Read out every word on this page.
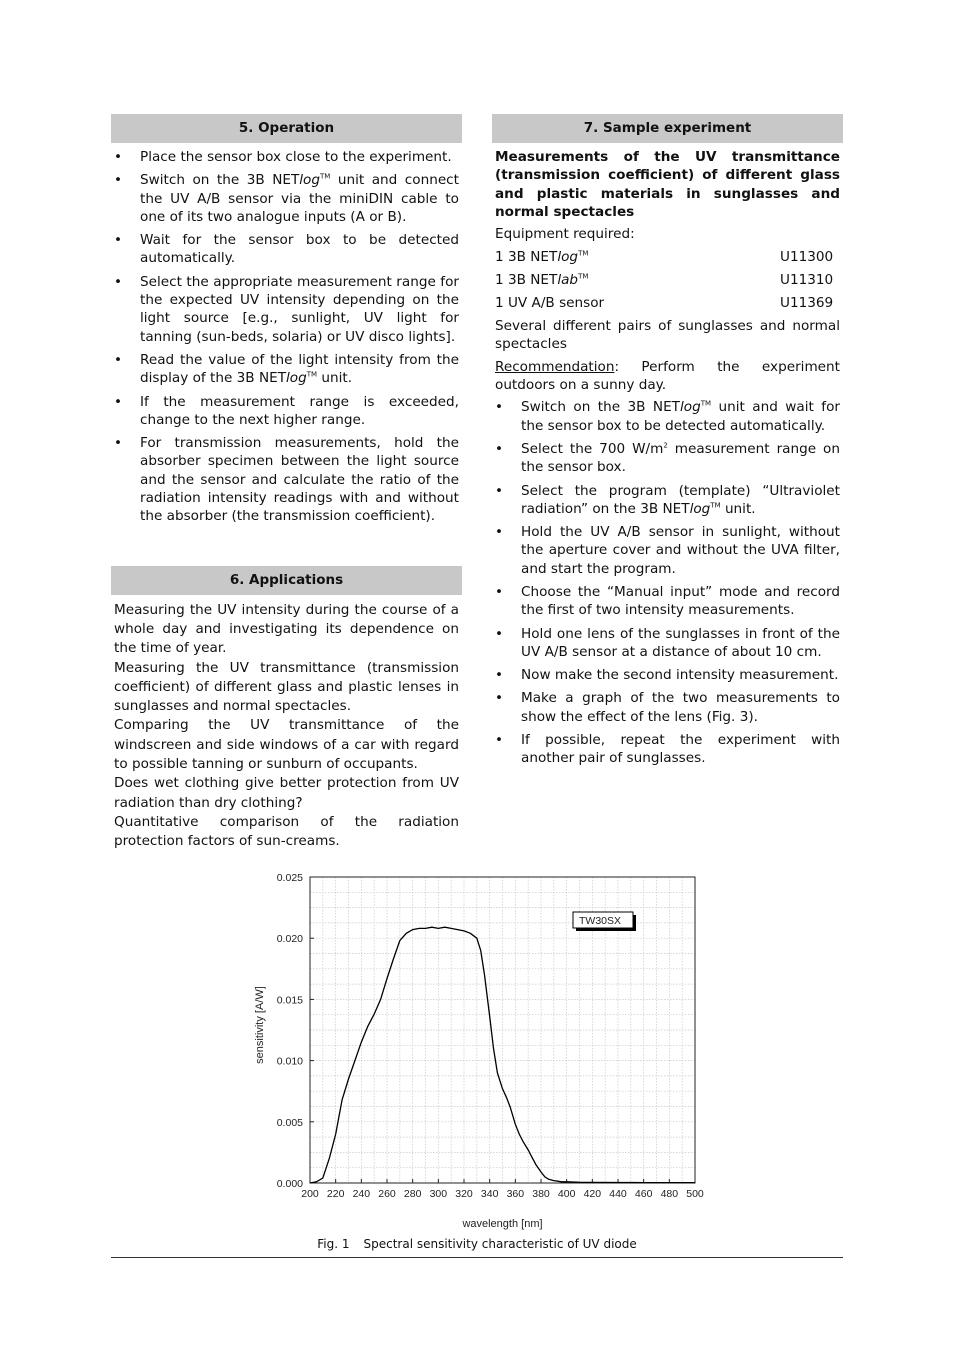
5. Operation
• Place the sensor box close to the experiment.
• Switch on the 3B NETlog™ unit and connect the UV A/B sensor via the miniDIN cable to one of its two analogue inputs (A or B).
• Wait for the sensor box to be detected automatically.
• Select the appropriate measurement range for the expected UV intensity depending on the light source [e.g., sunlight, UV light for tanning (sun-beds, solaria) or UV disco lights].
• Read the value of the light intensity from the display of the 3B NETlog™ unit.
• If the measurement range is exceeded, change to the next higher range.
• For transmission measurements, hold the absorber specimen between the light source and the sensor and calculate the ratio of the radiation intensity readings with and without the absorber (the transmission coefficient).
6. Applications

Measuring the UV intensity during the course of a whole day and investigating its dependence on the time of year.

Measuring the UV transmittance (transmission coefficient) of different glass and plastic lenses in sunglasses and normal spectacles.

Comparing the UV transmittance of the windscreen and side windows of a car with regard to possible tanning or sunburn of occupants.

Does wet clothing give better protection from UV radiation than dry clothing?

Quantitative comparison of the radiation protection factors of sun-creams.

7. Sample experiment

Measurements of the UV transmittance (transmission coefficient) of different glass and plastic materials in sunglasses and normal spectacles

Equipment required:

1 3B NETlog™	U11300
1 3B NETlab™	U11310
1 UV A/B sensor	U11369

Several different pairs of sunglasses and normal spectacles

Recommendation: Perform the experiment outdoors on a sunny day.

• Switch on the 3B NETlog™ unit and wait for the sensor box to be detected automatically.
• Select the 700 $W/m^2$ measurement range on the sensor box.
• Select the program (template) “Ultraviolet radiation” on the 3B NETlog™ unit.
• Hold the UV A/B sensor in sunlight, without the aperture cover and without the UVA filter, and start the program.
• Choose the “Manual input” mode and record the first of two intensity measurements.
• Hold one lens of the sunglasses in front of the UV A/B sensor at a distance of about 10 cm.
• Now make the second intensity measurement.
• Make a graph of the two measurements to show the effect of the lens (Fig. 3).
• If possible, repeat the experiment with another pair of sunglasses.
200 220 240 260 280 300 320 340 360 380 400 420 440 460 480 500
0.000
0.005
0.010
0.015
0.020
0.025
TW30SX
wavelength [nm]
sensitivity [A/W]
Fig. 1 Spectral sensitivity characteristic of UV diode
